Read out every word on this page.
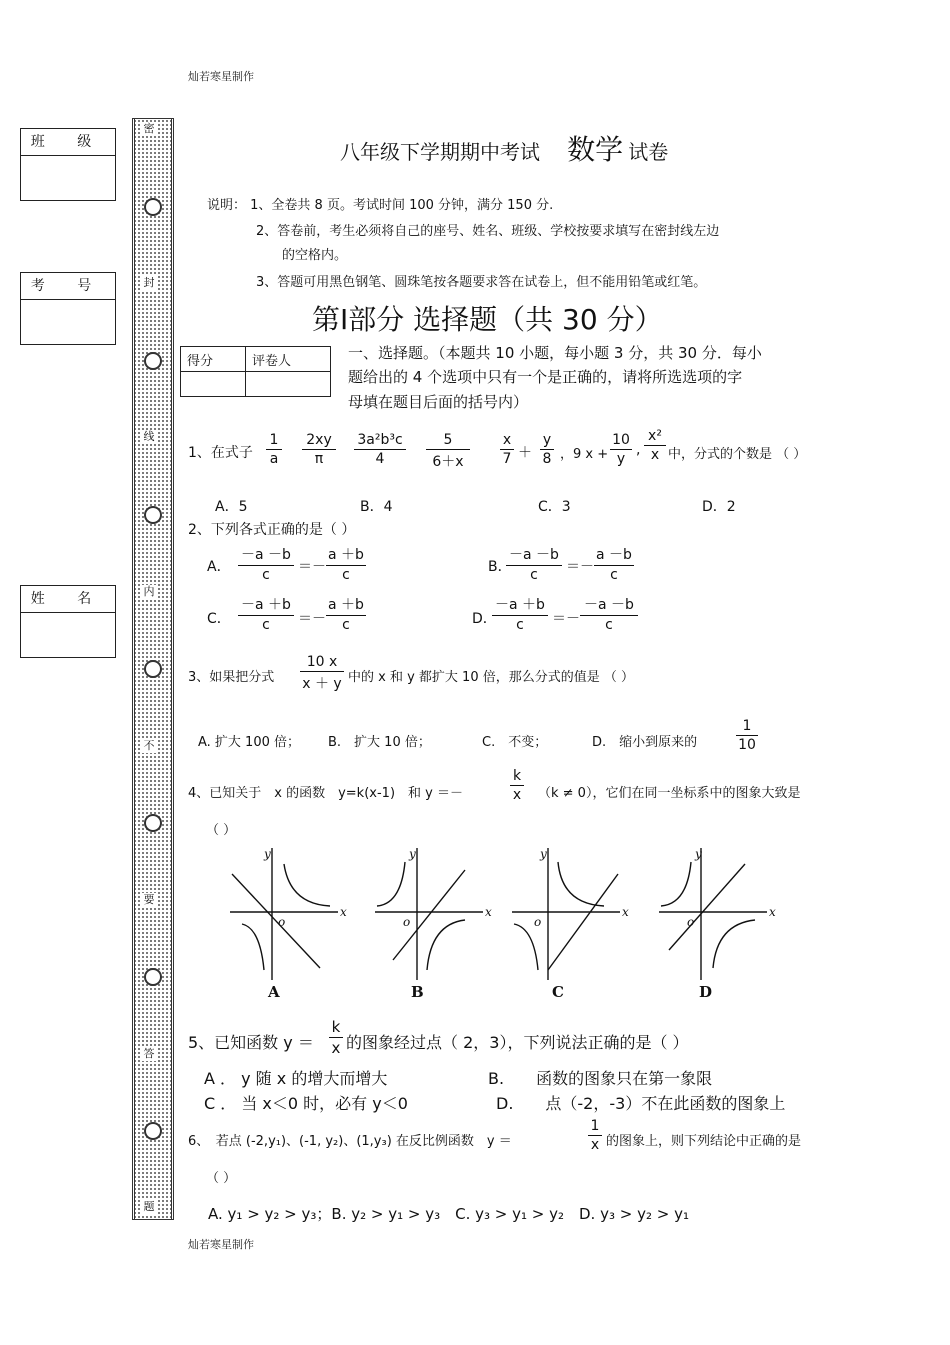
灿若寒星制作
班 级
考 号
姓 名
密
封
线
内
不
要
答
题
八年级下学期期中考试 数学 试卷
说明： 1、全卷共 8 页。考试时间 100 分钟，满分 150 分.
2、答卷前，考生必须将自己的座号、姓名、班级、学校按要求填写在密封线左边
的空格内。
3、答题可用黑色钢笔、圆珠笔按各题要求答在试卷上，但不能用铅笔或红笔。
第Ⅰ部分 选择题（共 30 分）
得分	评卷人
		一、选择题。（本题共 10 小题，每小题 3 分，共 30 分．每小
题给出的 4 个选项中只有一个是正确的，请将所选选项的字
母填在题目后面的括号内）
1、在式子
1
a
2xy
π
3a²b³c
4
5
6＋x
x
7 ＋
y
8 ，9 x +
10
y
,
x²
x 中，分式的个数是 （ ）
A．5	B．4	C．3	D．2
2、下列各式正确的是（ ）
A．
－a －b
c	＝－
a ＋b
c	B．
－a －b
c	＝－
a －b
c
C．
－a ＋b
c	＝－
a ＋b
c	D．
－a ＋b
c	＝－
－a －b
c
3、如果把分式
10 x
x ＋ y 中的 x 和 y 都扩大 10 倍，那么分式的值是 （ ）
A. 扩大 100 倍； B.　扩大 10 倍；	C.　不变；	D.　缩小到原来的
1
10
4、已知关于　x 的函数　y=k(x-1)　和 y ＝－
k
x （k ≠ 0），它们在同一坐标系中的图象大致是
（ ）
x
y
o
A
x
y
o
B
x
y
o
C
x
y
o
D
5、已知函数 y ＝
k
x 的图象经过点（ 2，3），下列说法正确的是（ ）
A ． y 随 x 的增大而增大	B.　　函数的图象只在第一象限
C ． 当 x＜0 时，必有 y＜0	D.　　点（-2，-3）不在此函数的图象上
6、　若点 (-2,y₁)、(-1, y₂)、(1,y₃) 在反比例函数　y ＝
1
x 的图象上，则下列结论中正确的是
（ ）
A. y₁ > y₂ > y₃；B. y₂ > y₁ > y₃　C. y₃ > y₁ > y₂　D. y₃ > y₂ > y₁
灿若寒星制作
